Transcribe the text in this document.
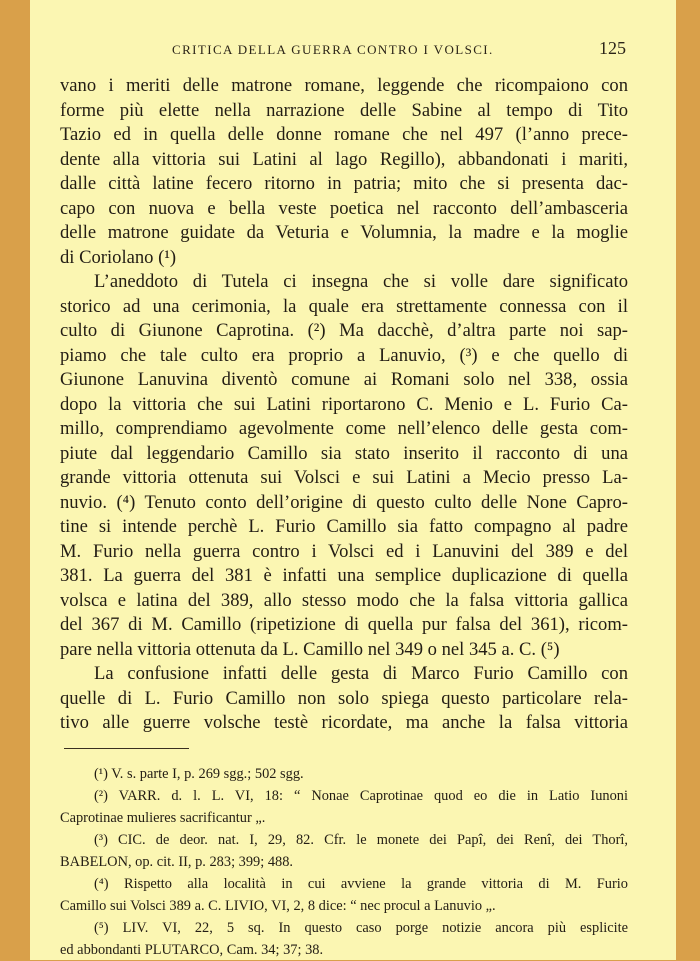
CRITICA DELLA GUERRA CONTRO I VOLSCI.	125
vano i meriti delle matrone romane, leggende che ricompaiono con
forme più elette nella narrazione delle Sabine al tempo di Tito
Tazio ed in quella delle donne romane che nel 497 (l’anno prece-
dente alla vittoria sui Latini al lago Regillo), abbandonati i mariti,
dalle città latine fecero ritorno in patria; mito che si presenta dac-
capo con nuova e bella veste poetica nel racconto dell’ambasceria
delle matrone guidate da Veturia e Volumnia, la madre e la moglie
di Coriolano (¹)
L’aneddoto di Tutela ci insegna che si volle dare significato
storico ad una cerimonia, la quale era strettamente connessa con il
culto di Giunone Caprotina. (²) Ma dacchè, d’altra parte noi sap-
piamo che tale culto era proprio a Lanuvio, (³) e che quello di
Giunone Lanuvina diventò comune ai Romani solo nel 338, ossia
dopo la vittoria che sui Latini riportarono C. Menio e L. Furio Ca-
millo, comprendiamo agevolmente come nell’elenco delle gesta com-
piute dal leggendario Camillo sia stato inserito il racconto di una
grande vittoria ottenuta sui Volsci e sui Latini a Mecio presso La-
nuvio. (⁴) Tenuto conto dell’origine di questo culto delle None Capro-
tine si intende perchè L. Furio Camillo sia fatto compagno al padre
M. Furio nella guerra contro i Volsci ed i Lanuvini del 389 e del
381. La guerra del 381 è infatti una semplice duplicazione di quella
volsca e latina del 389, allo stesso modo che la falsa vittoria gallica
del 367 di M. Camillo (ripetizione di quella pur falsa del 361), ricom-
pare nella vittoria ottenuta da L. Camillo nel 349 o nel 345 a. C. (⁵)
La confusione infatti delle gesta di Marco Furio Camillo con
quelle di L. Furio Camillo non solo spiega questo particolare rela-
tivo alle guerre volsche testè ricordate, ma anche la falsa vittoria
(¹) V. s. parte I, p. 269 sgg.; 502 sgg.
(²) VARR. d. l. L. VI, 18: “ Nonae Caprotinae quod eo die in Latio Iunoni
Caprotinae mulieres sacrificantur „.
(³) CIC. de deor. nat. I, 29, 82. Cfr. le monete dei Papî, dei Renî, dei Thorî,
BABELON, op. cit. II, p. 283; 399; 488.
(⁴) Rispetto alla località in cui avviene la grande vittoria di M. Furio
Camillo sui Volsci 389 a. C. LIVIO, VI, 2, 8 dice: “ nec procul a Lanuvio „.
(⁵) LIV. VI, 22, 5 sq. In questo caso porge notizie ancora più esplicite
ed abbondanti PLUTARCO, Cam. 34; 37; 38.
